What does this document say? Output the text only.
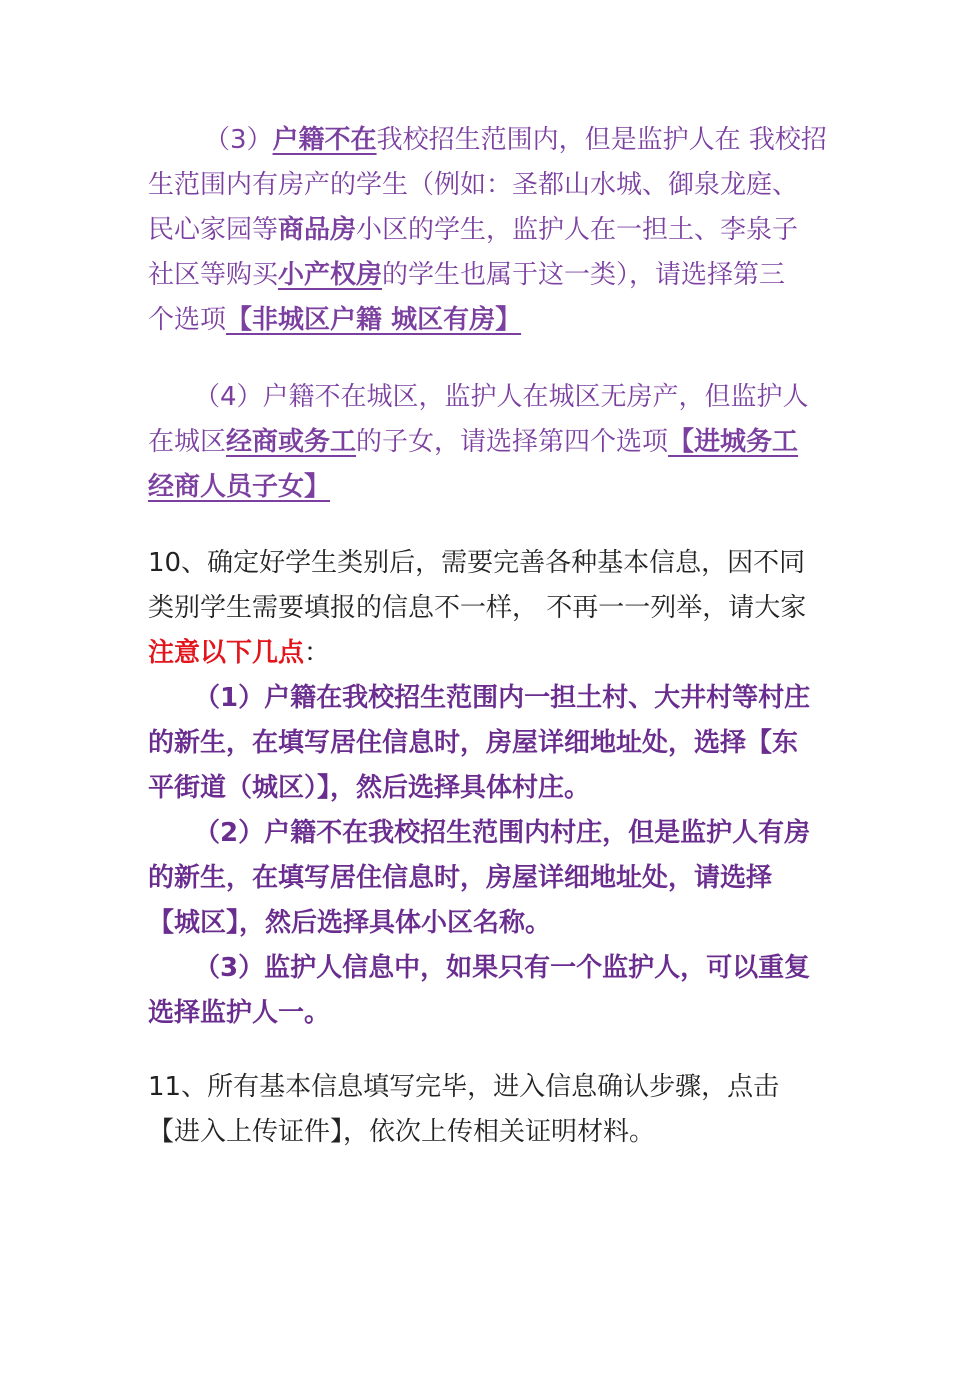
（3）户籍不在我校招生范围内，但是监护人在 我校招
生范围内有房产的学生（例如：圣都山水城、御泉龙庭、
民心家园等商品房小区的学生，监护人在一担土、李泉子
社区等购买小产权房的学生也属于这一类），请选择第三
个选项【非城区户籍 城区有房】
（4）户籍不在城区，监护人在城区无房产，但监护人
在城区经商或务工的子女，请选择第四个选项【进城务工
经商人员子女】
10、确定好学生类别后，需要完善各种基本信息，因不同
类别学生需要填报的信息不一样， 不再一一列举，请大家
注意以下几点：
（1）户籍在我校招生范围内一担土村、大井村等村庄
的新生，在填写居住信息时，房屋详细地址处，选择【东
平街道（城区）】，然后选择具体村庄。
（2）户籍不在我校招生范围内村庄，但是监护人有房
的新生，在填写居住信息时，房屋详细地址处，请选择
【城区】，然后选择具体小区名称。
（3）监护人信息中，如果只有一个监护人，可以重复
选择监护人一。
11、所有基本信息填写完毕，进入信息确认步骤，点击
【进入上传证件】，依次上传相关证明材料。
